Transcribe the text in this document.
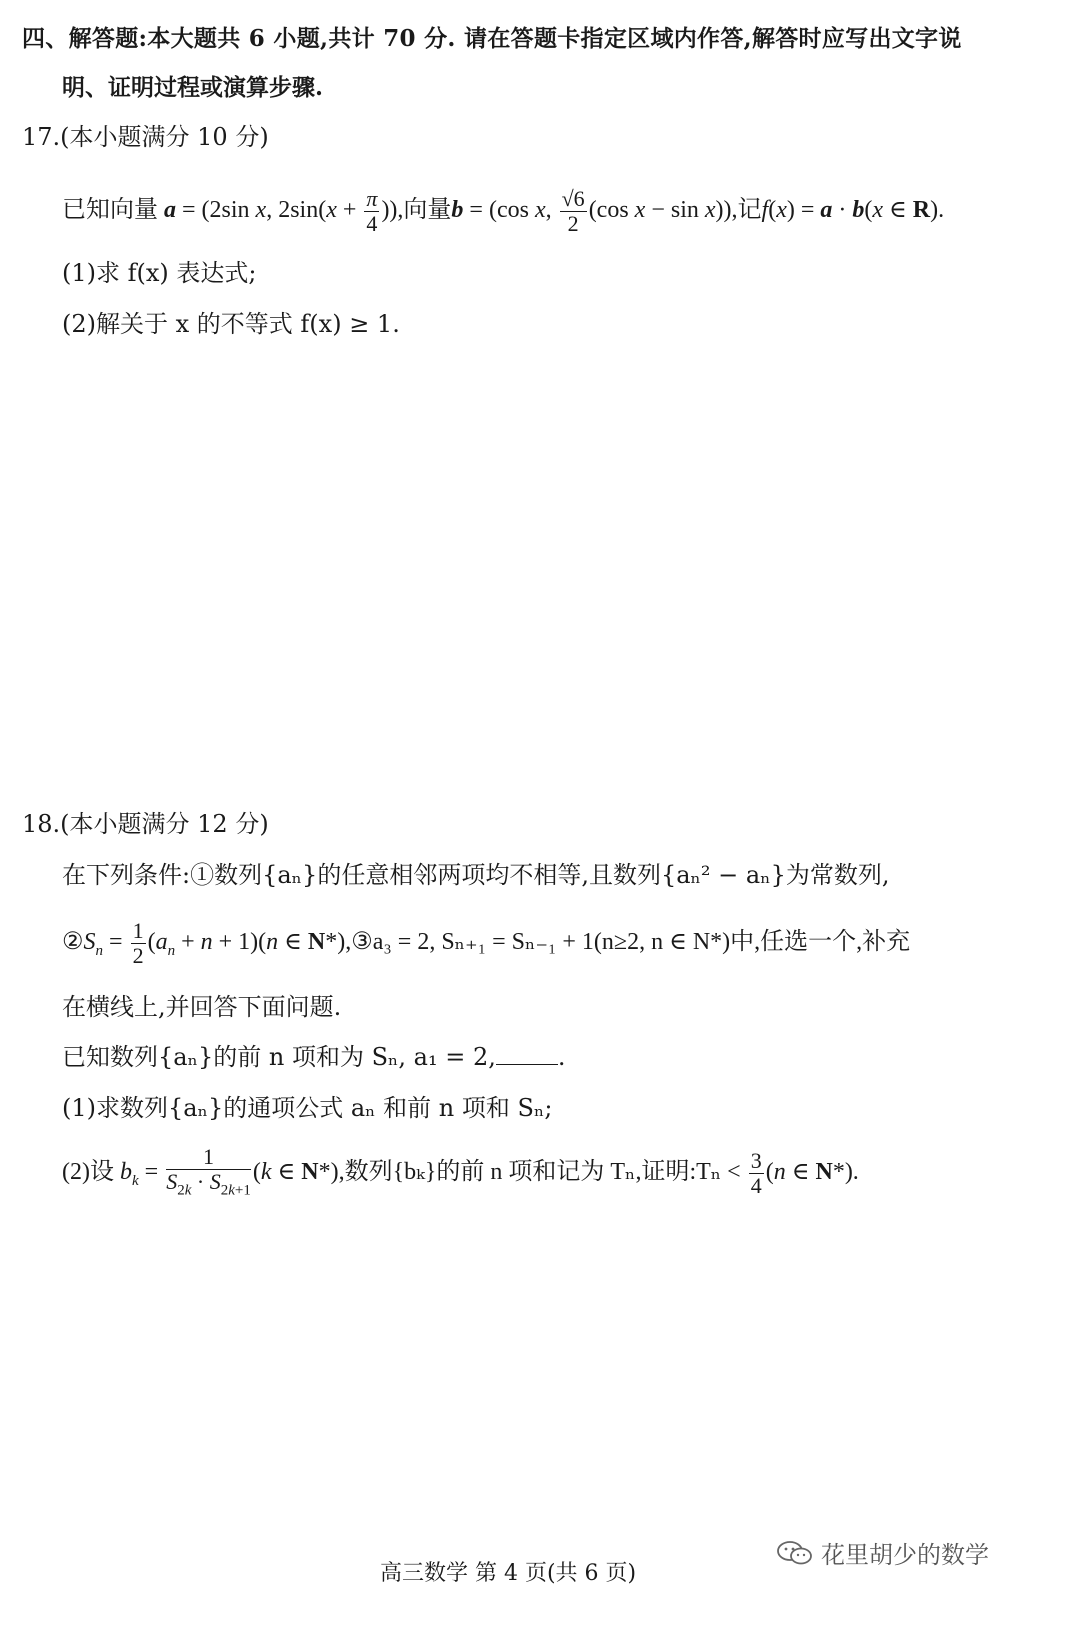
四、解答题:本大题共 6 小题,共计 70 分. 请在答题卡指定区域内作答,解答时应写出文字说
明、证明过程或演算步骤.
17.(本小题满分 10 分)
已知向量 a = (2sin x, $2\sin(x + \frac{\pi}{4}$ )),向量b = (cos x, $\frac{√6}{2} (\cos$ x − sin x)),记f(x) = a · b(x ∈ R).
(1)求 f(x) 表达式;
(2)解关于 x 的不等式 f(x) ≥ 1.
18.(本小题满分 12 分)
在下列条件:①数列{aₙ}的任意相邻两项均不相等,且数列{aₙ² − aₙ}为常数列,
$②S_n = \frac{1}{2} (a_n + n + 1)(n$ ∈ N*),③a₃ = 2, Sₙ₊₁ = Sₙ₋₁ + 1(n≥2, n ∈ N*)中,任选一个,补充
在横线上,并回答下面问题.
已知数列{aₙ}的前 n 项和为 Sₙ, a₁ = 2,	.
(1)求数列{aₙ}的通项公式 aₙ 和前 n 项和 Sₙ;
(2)设 $b_k = \frac{1}{S_{2k} \cdot S_{2k+1}} (k$ ∈ N*),数列{bₖ}的前 n 项和记为 Tₙ,证明:Tₙ < $\frac{3}{4} (n$ ∈ N*).
高三数学 第 4 页(共 6 页)
花里胡少的数学
